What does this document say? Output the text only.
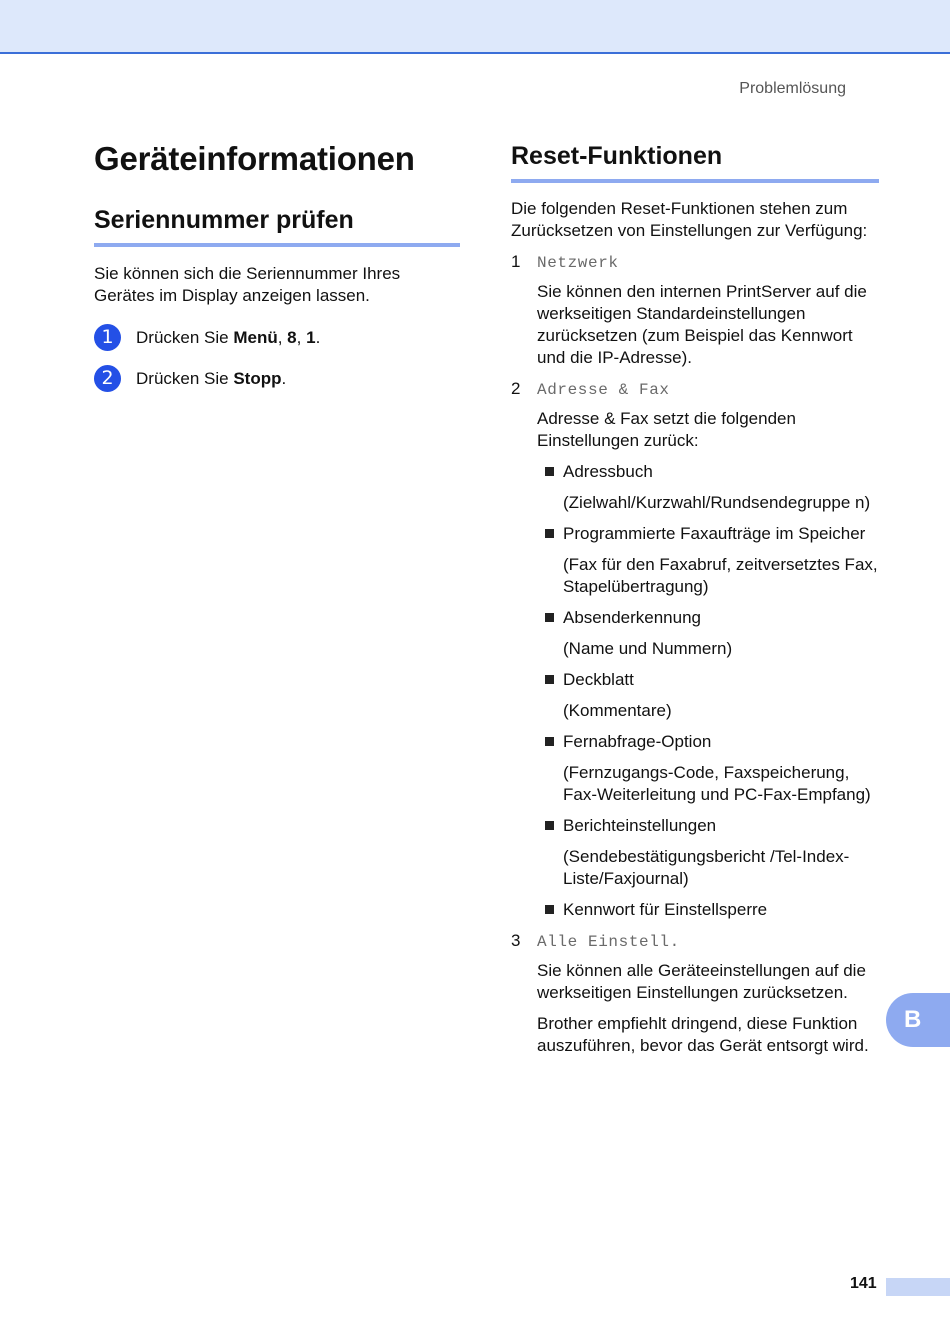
Problemlösung
Geräteinformationen
Seriennummer prüfen

Sie können sich die Seriennummer Ihres Gerätes im Display anzeigen lassen.

1	Drücken Sie Menü, 8, 1.
2	Drücken Sie Stopp.
Reset-Funktionen

Die folgenden Reset-Funktionen stehen zum Zurücksetzen von Einstellungen zur Verfügung:

1	Netzwerk

Sie können den internen PrintServer auf die werkseitigen Standardeinstellungen zurücksetzen (zum Beispiel das Kennwort und die IP-Adresse).

2	Adresse & Fax

Adresse & Fax setzt die folgenden Einstellungen zurück:

Adressbuch

(Zielwahl/Kurzwahl/Rundsendegruppe n)

Programmierte Faxaufträge im Speicher

(Fax für den Faxabruf, zeitversetztes Fax, Stapelübertragung)

Absenderkennung

(Name und Nummern)

Deckblatt

(Kommentare)

Fernabfrage-Option

(Fernzugangs-Code, Faxspeicherung, Fax-Weiterleitung und PC-Fax-Empfang)

Berichteinstellungen

(Sendebestätigungsbericht /Tel-Index-Liste/Faxjournal)

Kennwort für Einstellsperre
3	Alle Einstell.

Sie können alle Geräteeinstellungen auf die werkseitigen Einstellungen zurücksetzen.

Brother empfiehlt dringend, diese Funktion auszuführen, bevor das Gerät entsorgt wird.

B
141
